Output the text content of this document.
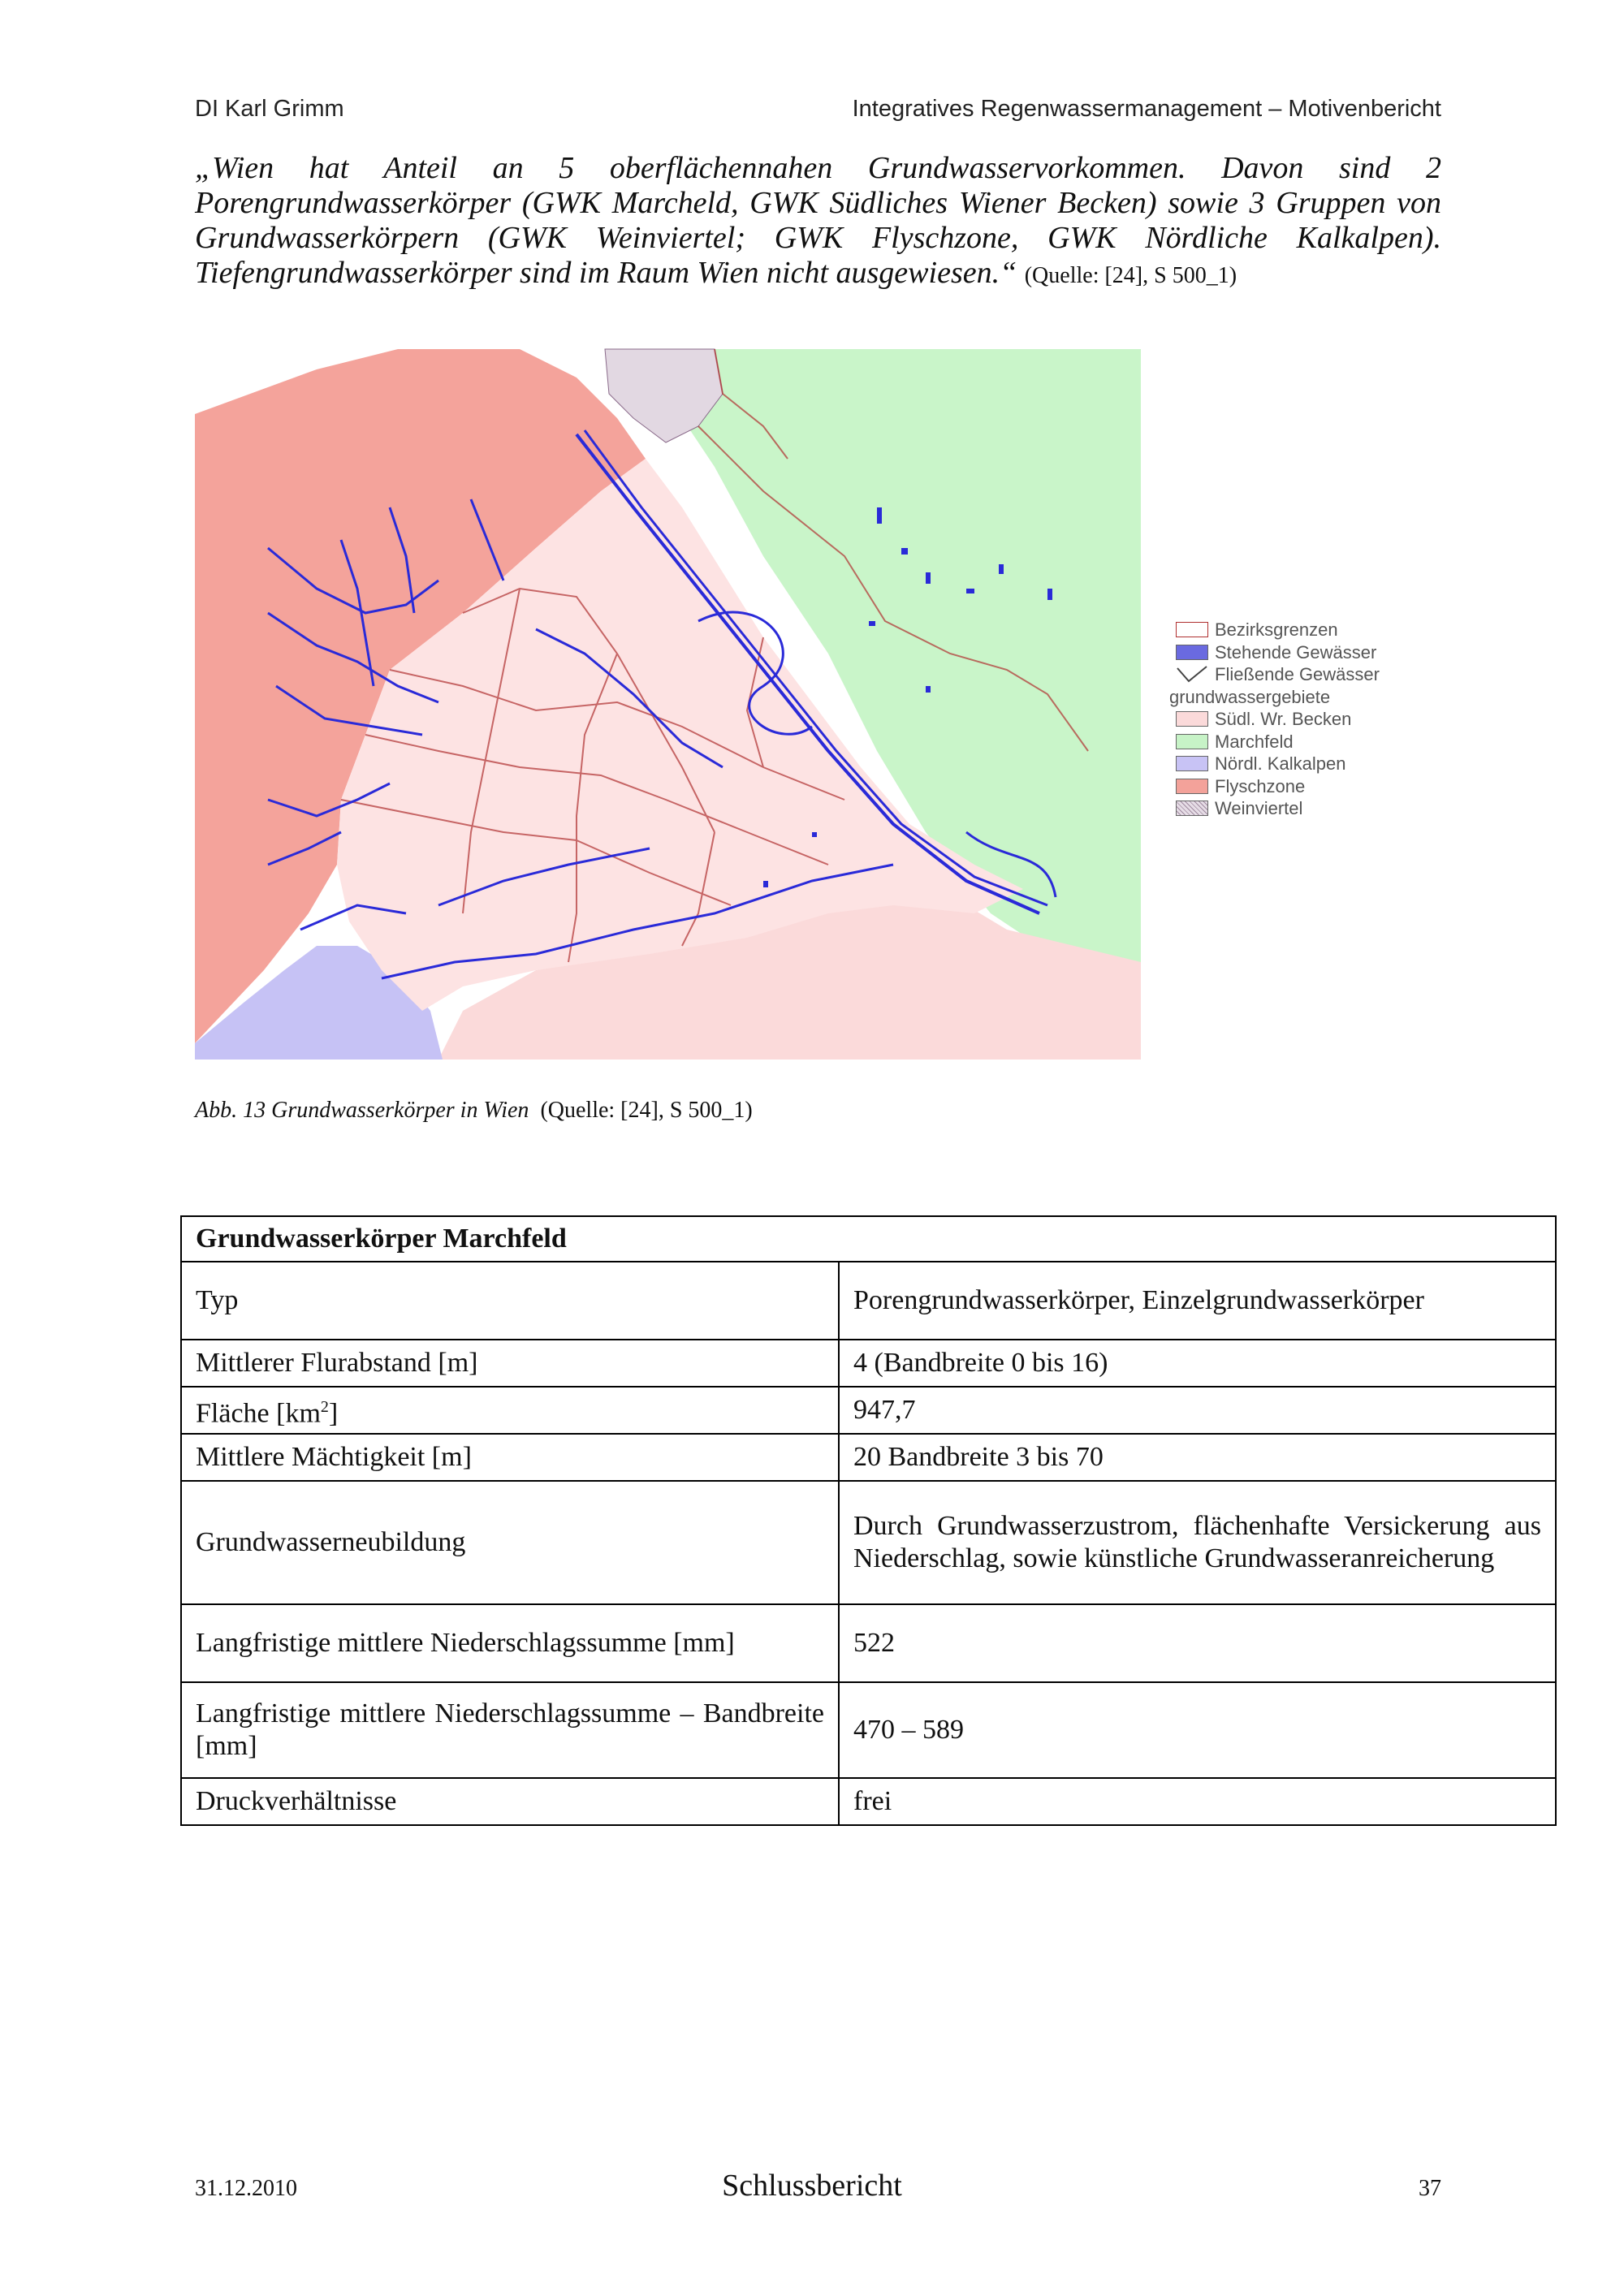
DI Karl Grimm	Integratives Regenwassermanagement – Motivenbericht
„Wien hat Anteil an 5 oberflächennahen Grundwasservorkommen. Davon sind 2 Porengrundwasserkörper (GWK Marcheld, GWK Südliches Wiener Becken) sowie 3 Gruppen von Grundwasserkörpern (GWK Weinviertel; GWK Flyschzone, GWK Nördliche Kalkalpen). Tiefengrundwasserkörper sind im Raum Wien nicht ausgewiesen.“ (Quelle: [24], S 500_1)
Bezirksgrenzen
Stehende Gewässer
Fließende Gewässer
grundwassergebiete
Südl. Wr. Becken
Marchfeld
Nördl. Kalkalpen
Flyschzone
Weinviertel
Abb. 13 Grundwasserkörper in Wien (Quelle: [24], S 500_1)
Grundwasserkörper Marchfeld	
Typ	Porengrundwasserkörper, Einzelgrundwasserkörper
Mittlerer Flurabstand [m]	4 (Bandbreite 0 bis 16)
Fläche $[km^2]$	947,7
Mittlere Mächtigkeit [m]	20 Bandbreite 3 bis 70
Grundwasserneubildung	Durch Grundwasserzustrom, flächenhafte Versickerung aus Niederschlag, sowie künstliche Grundwasseranreicherung
Langfristige mittlere Niederschlagssumme [mm]	522
Langfristige mittlere Niederschlagssumme – Bandbreite [mm]	470 – 589
Druckverhältnisse	frei
31.12.2010	Schlussbericht	37
